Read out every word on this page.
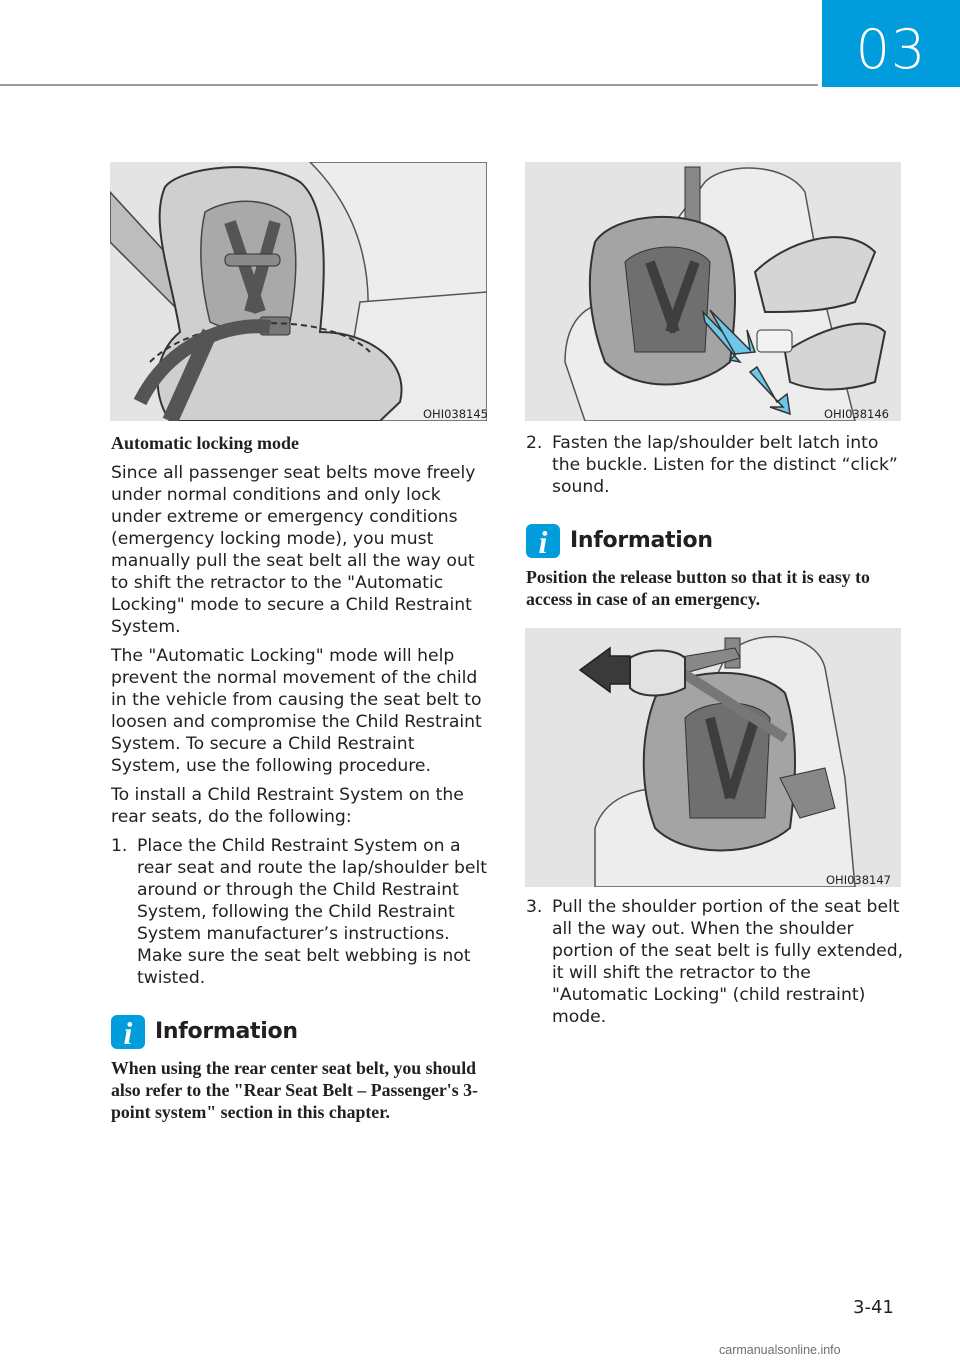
03
OHI038145	OHI038146
OHI038147
Automatic locking mode

Since all passenger seat belts move freely under normal conditions and only lock under extreme or emergency conditions (emergency locking mode), you must manually pull the seat belt all the way out to shift the retractor to the "Automatic Locking" mode to secure a Child Restraint System.

The "Automatic Locking" mode will help prevent the normal movement of the child in the vehicle from causing the seat belt to loosen and compromise the Child Restraint System. To secure a Child Restraint System, use the following procedure.

To install a Child Restraint System on the rear seats, do the following:

1. Place the Child Restraint System on a rear seat and route the lap/shoulder belt around or through the Child Restraint System, following the Child Restraint System manufacturer’s instructions. Make sure the seat belt webbing is not twisted.
i	Information
When using the rear center seat belt, you should also refer to the "Rear Seat Belt – Passenger's 3-point system" section in this chapter.
2. Fasten the lap/shoulder belt latch into the buckle. Listen for the distinct “click” sound.
i	Information
Position the release button so that it is easy to access in case of an emergency.
3. Pull the shoulder portion of the seat belt all the way out. When the shoulder portion of the seat belt is fully extended, it will shift the retractor to the "Automatic Locking" (child restraint) mode.
3-41
carmanualsonline.info
